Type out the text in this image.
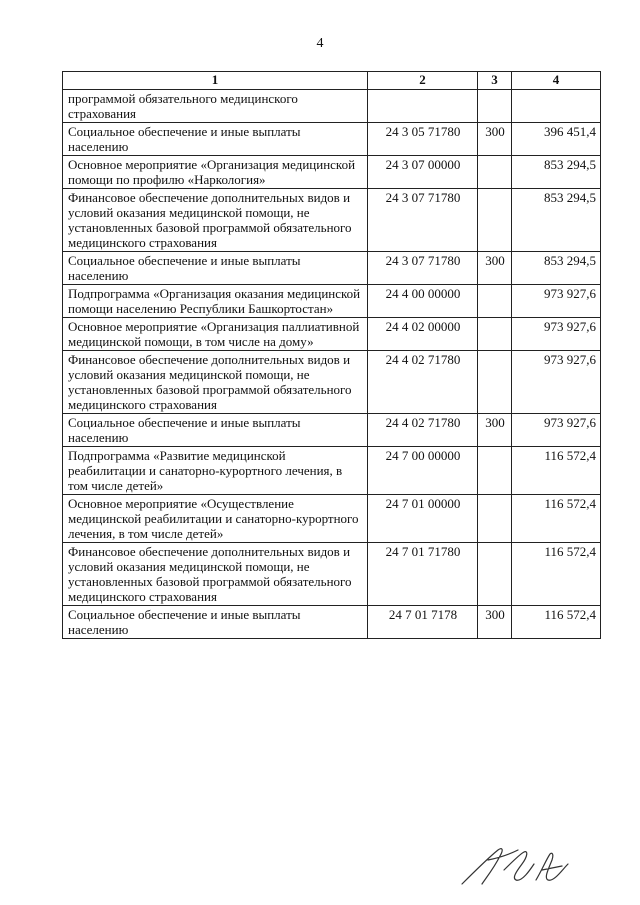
4
1	2	3	4
программой обязательного медицинского страхования			
Социальное обеспечение и иные выплаты населению	24 3 05 71780	300	396 451,4
Основное мероприятие «Организация медицинской помощи по профилю «Наркология»	24 3 07 00000		853 294,5
Финансовое обеспечение дополнительных видов и условий оказания медицинской помощи, не установленных базовой программой обязательного медицинского страхования	24 3 07 71780		853 294,5
Социальное обеспечение и иные выплаты населению	24 3 07 71780	300	853 294,5
Подпрограмма «Организация оказания медицинской помощи населению Республики Башкортостан»	24 4 00 00000		973 927,6
Основное мероприятие «Организация паллиативной медицинской помощи, в том числе на дому»	24 4 02 00000		973 927,6
Финансовое обеспечение дополнительных видов и условий оказания медицинской помощи, не установленных базовой программой обязательного медицинского страхования	24 4 02 71780		973 927,6
Социальное обеспечение и иные выплаты населению	24 4 02 71780	300	973 927,6
Подпрограмма «Развитие медицинской реабилитации и санаторно-курортного лечения, в том числе детей»	24 7 00 00000		116 572,4
Основное мероприятие «Осуществление медицинской реабилитации и санаторно-курортного лечения, в том числе детей»	24 7 01 00000		116 572,4
Финансовое обеспечение дополнительных видов и условий оказания медицинской помощи, не установленных базовой программой обязательного медицинского страхования	24 7 01 71780		116 572,4
Социальное обеспечение и иные выплаты населению	24 7 01 7178	300	116 572,4
